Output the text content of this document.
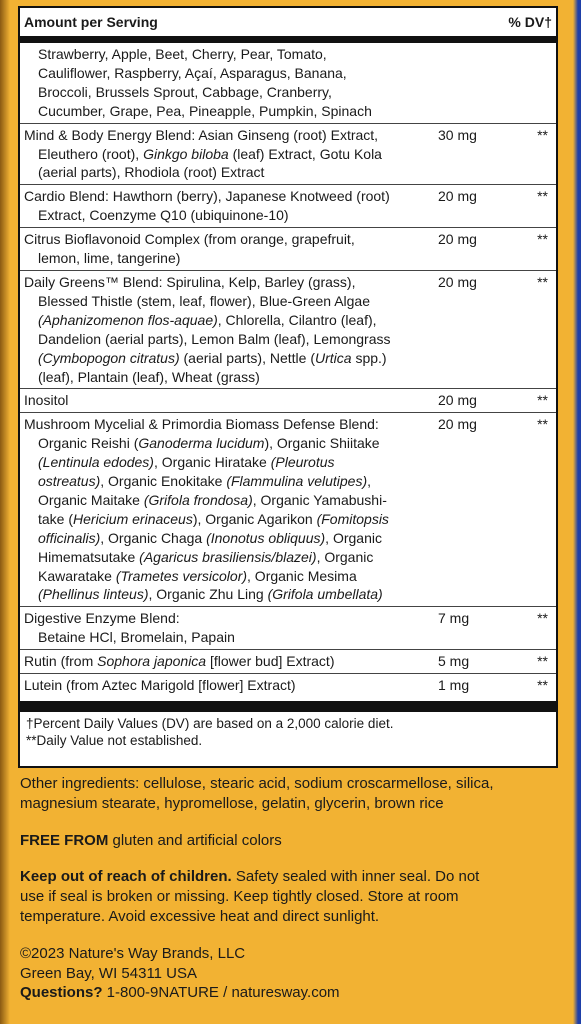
Amount per Serving	% DV†
Strawberry, Apple, Beet, Cherry, Pear, Tomato,
Cauliflower, Raspberry, Açaí, Asparagus, Banana,
Broccoli, Brussels Sprout, Cabbage, Cranberry,
Cucumber, Grape, Pea, Pineapple, Pumpkin, Spinach
Mind & Body Energy Blend: Asian Ginseng (root) Extract,
Eleuthero (root), Ginkgo biloba (leaf) Extract, Gotu Kola
(aerial parts), Rhodiola (root) Extract
30 mg	**
Cardio Blend: Hawthorn (berry), Japanese Knotweed (root)
Extract, Coenzyme Q10 (ubiquinone-10)
20 mg	**
Citrus Bioflavonoid Complex (from orange, grapefruit,
lemon, lime, tangerine)
20 mg	**
Daily Greens™ Blend: Spirulina, Kelp, Barley (grass),
Blessed Thistle (stem, leaf, flower), Blue-Green Algae
(Aphanizomenon flos-aquae), Chlorella, Cilantro (leaf),
Dandelion (aerial parts), Lemon Balm (leaf), Lemongrass
(Cymbopogon citratus) (aerial parts), Nettle (Urtica spp.)
(leaf), Plantain (leaf), Wheat (grass)
20 mg	**
Inositol	20 mg	**
Mushroom Mycelial & Primordia Biomass Defense Blend:
Organic Reishi (Ganoderma lucidum), Organic Shiitake
(Lentinula edodes), Organic Hiratake (Pleurotus
ostreatus), Organic Enokitake (Flammulina velutipes),
Organic Maitake (Grifola frondosa), Organic Yamabushi-
take (Hericium erinaceus), Organic Agarikon (Fomitopsis
officinalis), Organic Chaga (Inonotus obliquus), Organic
Himematsutake (Agaricus brasiliensis/blazei), Organic
Kawaratake (Trametes versicolor), Organic Mesima
(Phellinus linteus), Organic Zhu Ling (Grifola umbellata)
20 mg	**
Digestive Enzyme Blend:
Betaine HCl, Bromelain, Papain
7 mg	**
Rutin (from Sophora japonica [flower bud] Extract)	5 mg	**
Lutein (from Aztec Marigold [flower] Extract)	1 mg	**
†Percent Daily Values (DV) are based on a 2,000 calorie diet.
**Daily Value not established.

Other ingredients: cellulose, stearic acid, sodium croscarmellose, silica,
magnesium stearate, hypromellose, gelatin, glycerin, brown rice

FREE FROM gluten and artificial colors

Keep out of reach of children. Safety sealed with inner seal. Do not
use if seal is broken or missing. Keep tightly closed. Store at room
temperature. Avoid excessive heat and direct sunlight.

©2023 Nature's Way Brands, LLC
Green Bay, WI 54311 USA
Questions? 1-800-9NATURE / naturesway.com
